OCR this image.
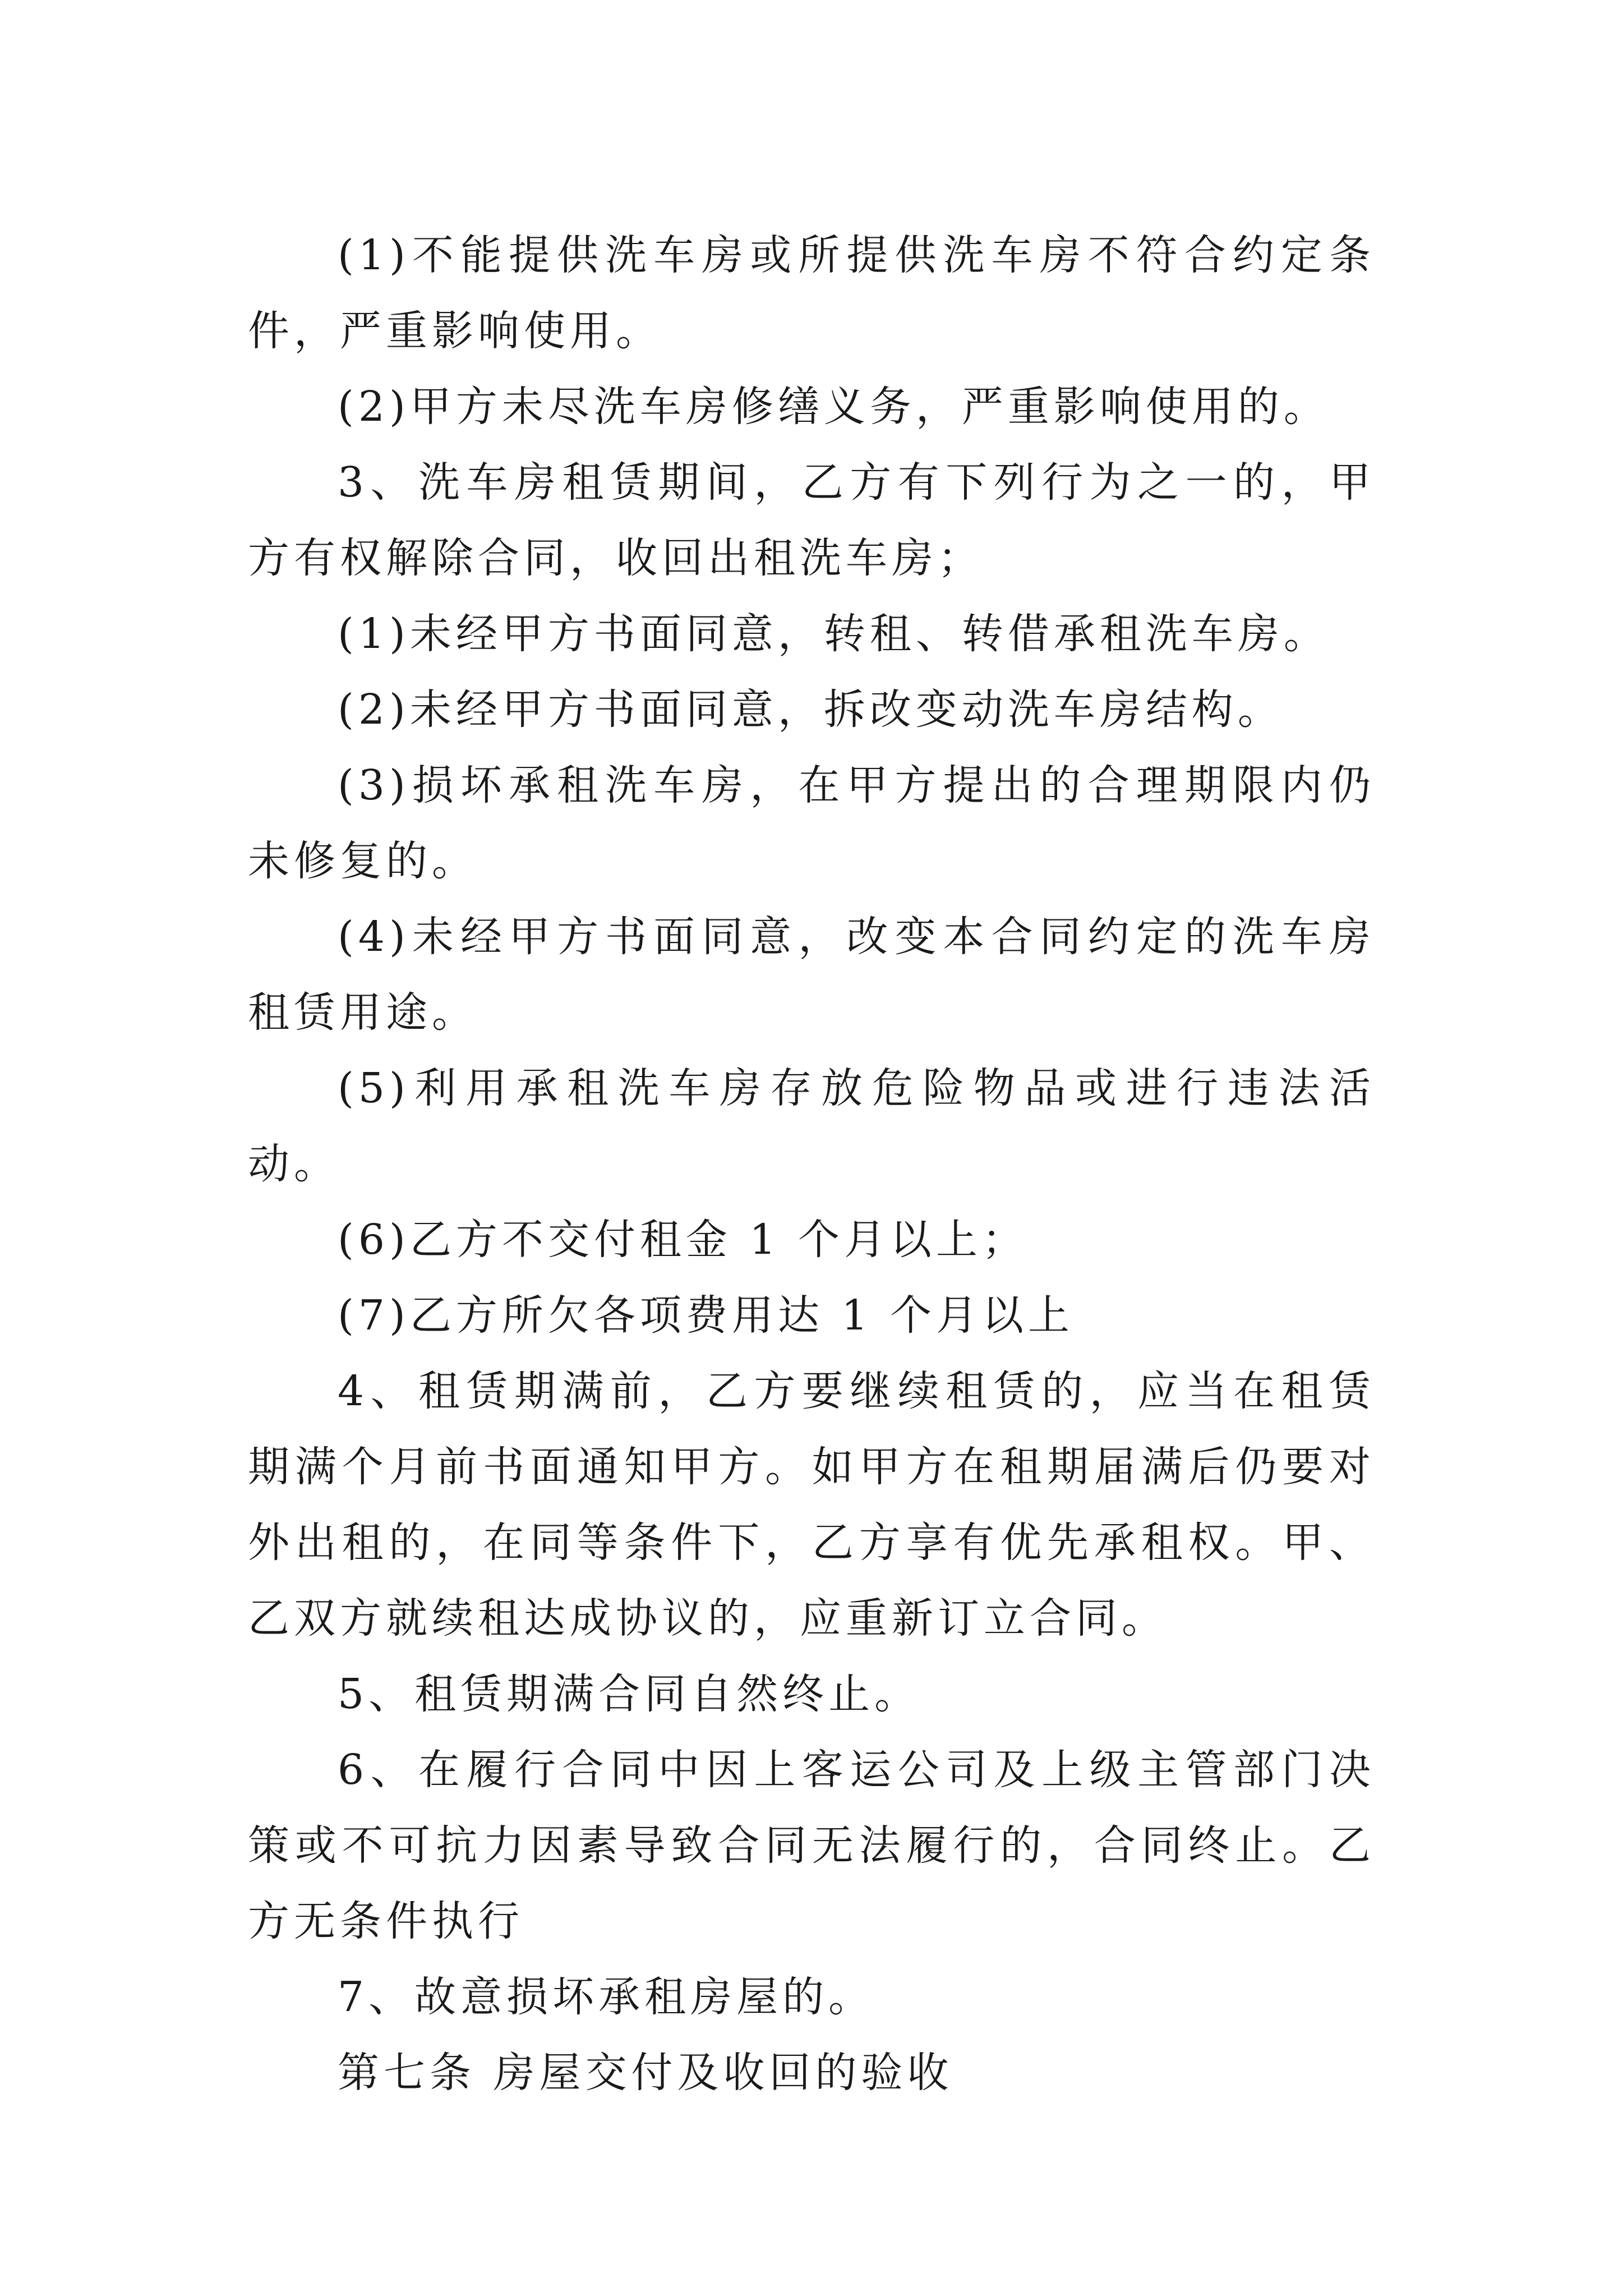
(1)不能提供洗车房或所提供洗车房不符合约定条件，严重影响使用。

(2)甲方未尽洗车房修缮义务，严重影响使用的。

3、洗车房租赁期间，乙方有下列行为之一的，甲方有权解除合同，收回出租洗车房；

(1)未经甲方书面同意，转租、转借承租洗车房。

(2)未经甲方书面同意，拆改变动洗车房结构。

(3)损坏承租洗车房，在甲方提出的合理期限内仍未修复的。

(4)未经甲方书面同意，改变本合同约定的洗车房租赁用途。

(5)利用承租洗车房存放危险物品或进行违法活动。

(6)乙方不交付租金 1 个月以上；

(7)乙方所欠各项费用达 1 个月以上

4、租赁期满前，乙方要继续租赁的，应当在租赁期满个月前书面通知甲方。如甲方在租期届满后仍要对外出租的，在同等条件下，乙方享有优先承租权。甲、乙双方就续租达成协议的，应重新订立合同。

5、租赁期满合同自然终止。

6、在履行合同中因上客运公司及上级主管部门决策或不可抗力因素导致合同无法履行的，合同终止。乙方无条件执行

7、故意损坏承租房屋的。

第七条 房屋交付及收回的验收
